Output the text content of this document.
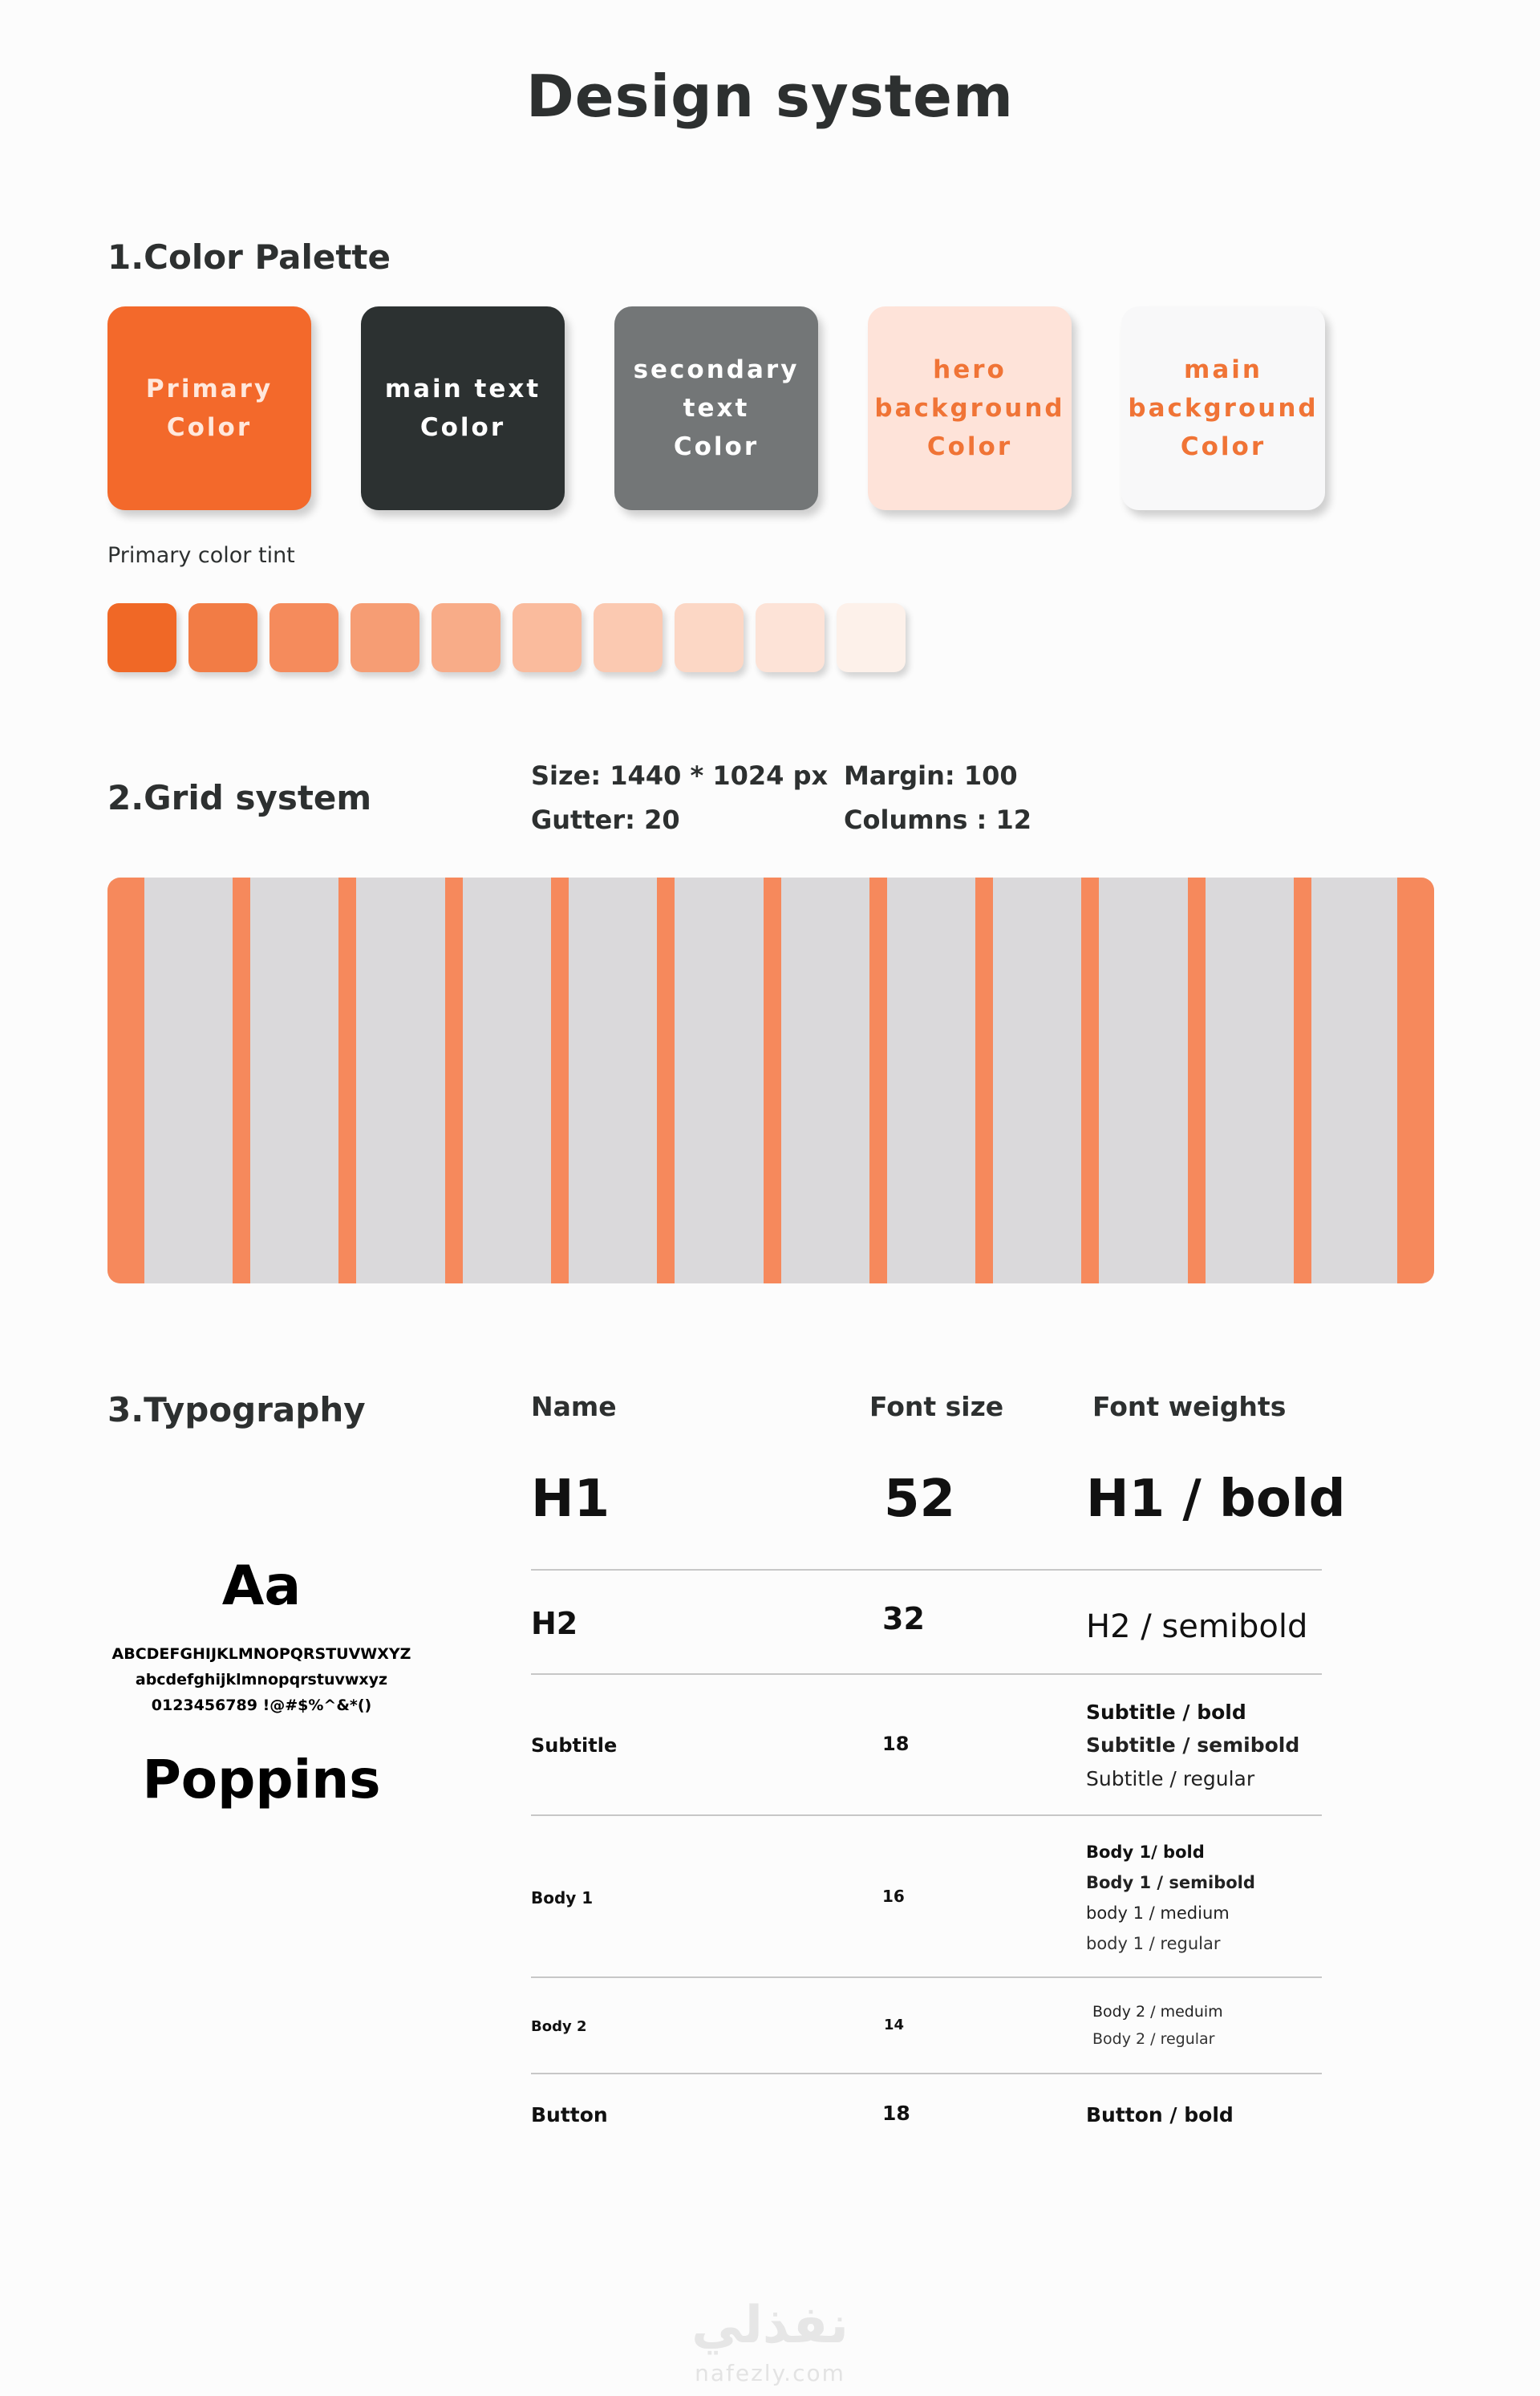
Design system
1.Color Palette
Primary
Color
main text
Color
secondary
text
Color
hero
background
Color
main
background
Color
Primary color tint
2.Grid system
Size: 1440 * 1024 px
Gutter: 20
Margin: 100
Columns : 12
3.Typography
Aa
ABCDEFGHIJKLMNOPQRSTUVWXYZ
abcdefghijklmnopqrstuvwxyz
0123456789 !@#$%^&*()
Poppins
Name	Font size	Font weights
H1	52	H1 / bold
H2	32	H2 / semibold
Subtitle	18
Subtitle / bold
Subtitle / semibold
Subtitle / regular
Body 1	16
Body 1/ bold
Body 1 / semibold
body 1 / medium
body 1 / regular
Body 2	14
Body 2 / meduim
Body 2 / regular
Button	18	Button / bold
نفذلي
nafezly.com
